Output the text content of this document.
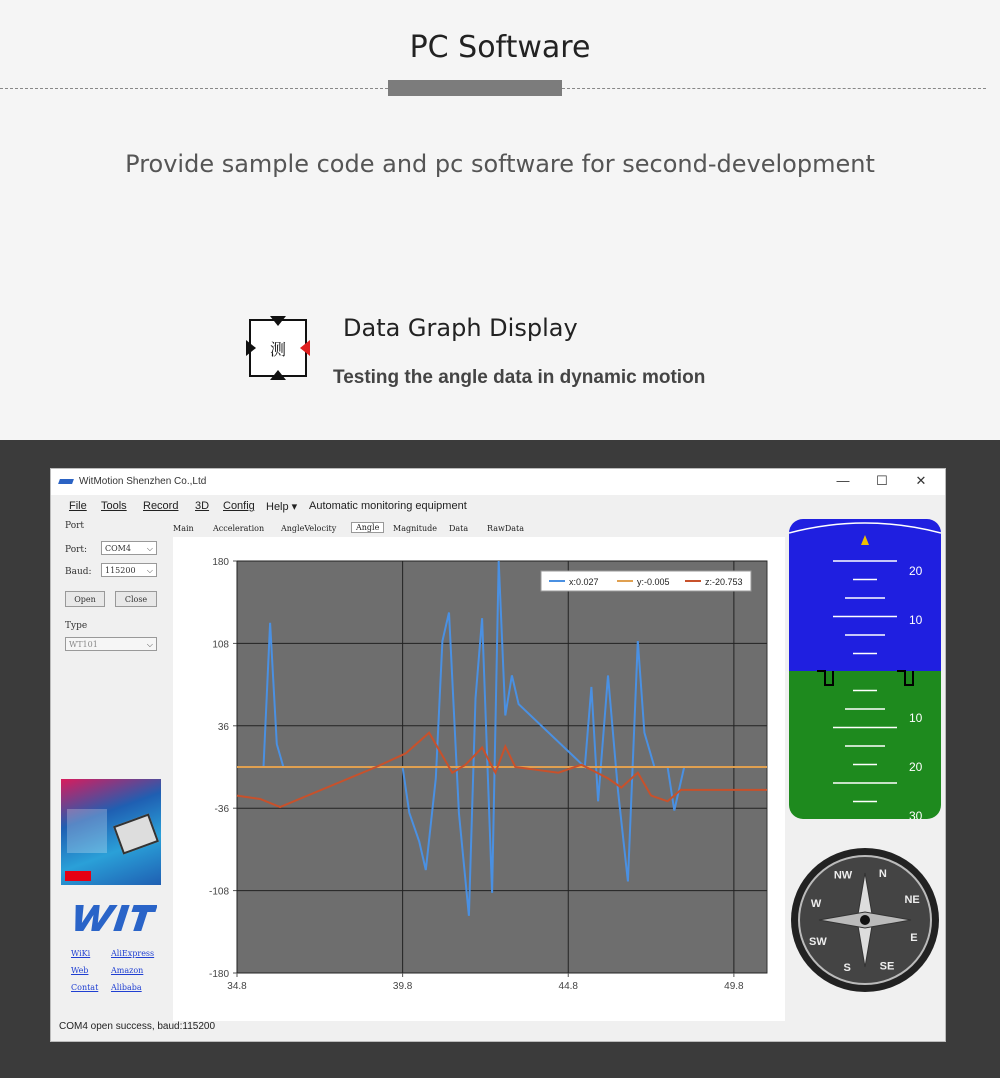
PC Software
Provide sample code and pc software for second-development
测
Data Graph Display
Testing the angle data in dynamic motion
WitMotion Shenzhen Co.,Ltd	—	☐	✕
File Tools Record 3D Config Help ▾ Automatic monitoring equipment
Port
Port:	COM4 ⌵
Baud:	115200 ⌵
Open	Close
Type
WT101	⌵
WiKi	AliExpress
Web	Amazon
Contat Alibaba
Main Acceleration AngleVelocity	Angle	Magnitude Data RawData
180
108
36
-36
-108
-180
34.8	39.8	44.8	49.8
x:0.027	y:-0.005	z:-20.753
20
10
10
20
30
N
NE
E
SE
S
SW
W
NW
COM4 open success, baud:115200
